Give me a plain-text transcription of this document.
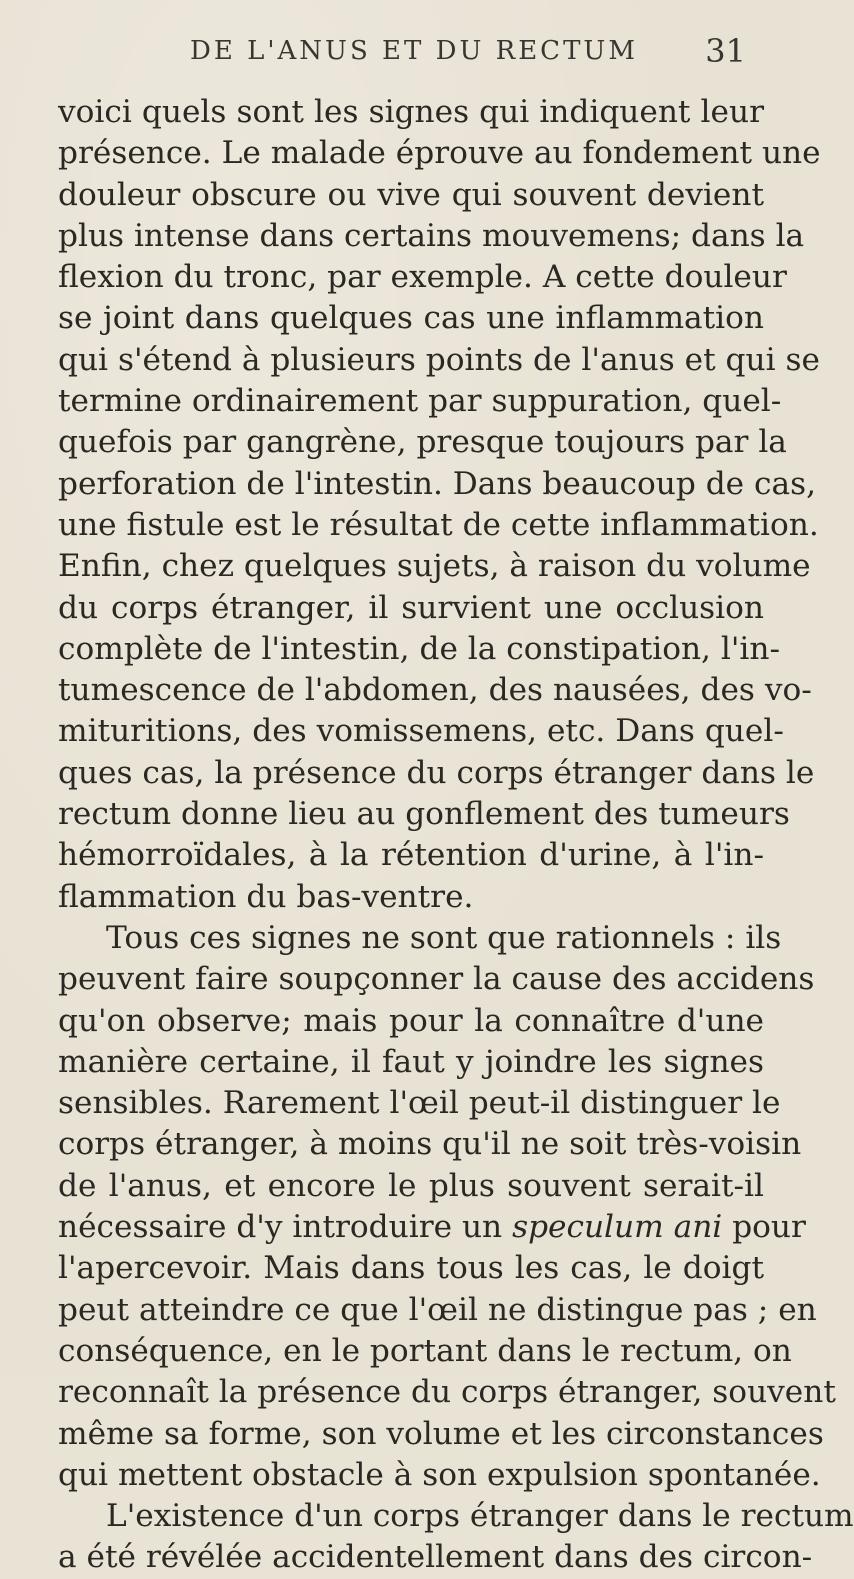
DE L'ANUS ET DU RECTUM 31

voici quels sont les signes qui indiquent leur
présence. Le malade éprouve au fondement une
douleur obscure ou vive qui souvent devient
plus intense dans certains mouvemens; dans la
flexion du tronc, par exemple. A cette douleur
se joint dans quelques cas une inflammation
qui s'étend à plusieurs points de l'anus et qui se
termine ordinairement par suppuration, quel-
quefois par gangrène, presque toujours par la
perforation de l'intestin. Dans beaucoup de cas,
une fistule est le résultat de cette inflammation.
Enfin, chez quelques sujets, à raison du volume
du corps étranger, il survient une occlusion
complète de l'intestin, de la constipation, l'in-
tumescence de l'abdomen, des nausées, des vo-
mituritions, des vomissemens, etc. Dans quel-
ques cas, la présence du corps étranger dans le
rectum donne lieu au gonflement des tumeurs
hémorroïdales, à la rétention d'urine, à l'in-
flammation du bas-ventre.

Tous ces signes ne sont que rationnels : ils
peuvent faire soupçonner la cause des accidens
qu'on observe; mais pour la connaître d'une
manière certaine, il faut y joindre les signes
sensibles. Rarement l'œil peut-il distinguer le
corps étranger, à moins qu'il ne soit très-voisin
de l'anus, et encore le plus souvent serait-il
nécessaire d'y introduire un speculum ani pour
l'apercevoir. Mais dans tous les cas, le doigt
peut atteindre ce que l'œil ne distingue pas ; en
conséquence, en le portant dans le rectum, on
reconnaît la présence du corps étranger, souvent
même sa forme, son volume et les circonstances
qui mettent obstacle à son expulsion spontanée.

L'existence d'un corps étranger dans le rectum
a été révélée accidentellement dans des circon-
